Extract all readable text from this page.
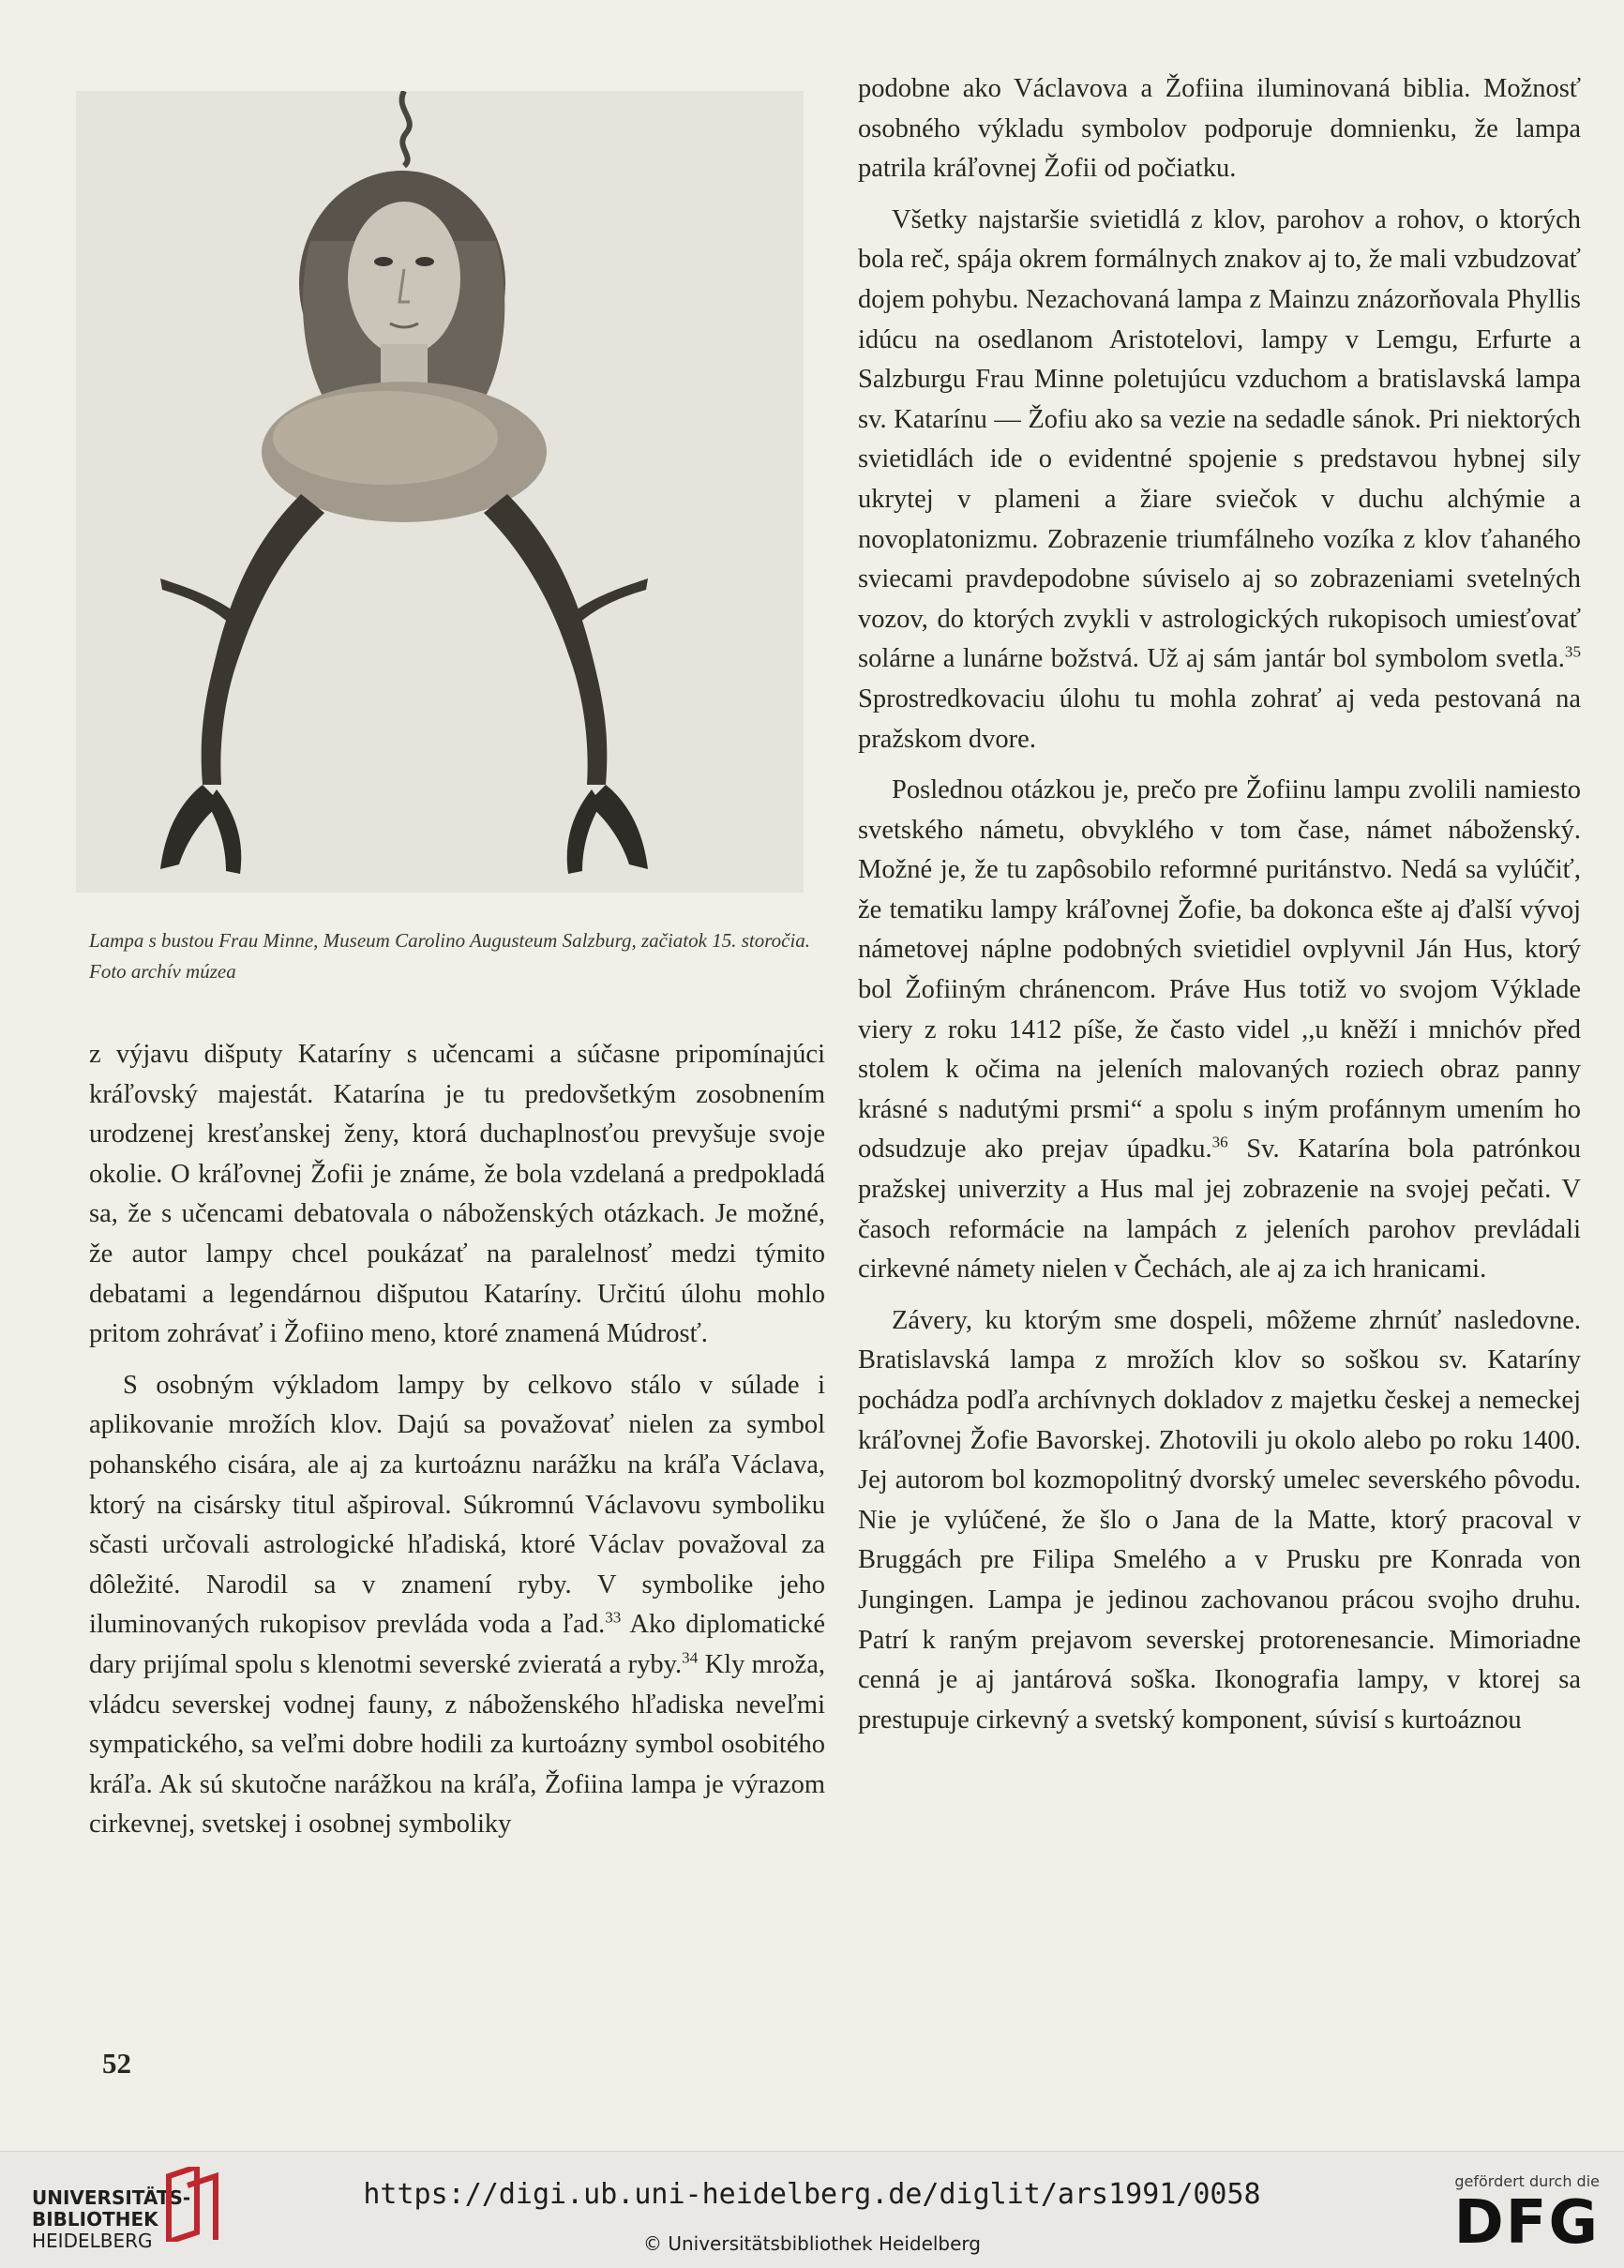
Lampa s bustou Frau Minne, Museum Carolino Augusteum Salzburg, začiatok 15. storočia. Foto archív múzea

z výjavu dišputy Kataríny s učencami a súčasne pripomínajúci kráľovský majestát. Katarína je tu predovšetkým zosobnením urodzenej kresťanskej ženy, ktorá duchaplnosťou prevyšuje svoje okolie. O kráľovnej Žofii je známe, že bola vzdelaná a predpokladá sa, že s učencami debatovala o náboženských otázkach. Je možné, že autor lampy chcel poukázať na paralelnosť medzi týmito debatami a legendárnou dišputou Kataríny. Určitú úlohu mohlo pritom zohrávať i Žofiino meno, ktoré znamená Múdrosť.

S osobným výkladom lampy by celkovo stálo v súlade i aplikovanie mrožích klov. Dajú sa považovať nielen za symbol pohanského cisára, ale aj za kurtoáznu narážku na kráľa Václava, ktorý na cisársky titul ašpiroval. Súkromnú Václavovu symboliku sčasti určovali astrologické hľadiská, ktoré Václav považoval za dôležité. Narodil sa v znamení ryby. V symbolike jeho iluminovaných rukopisov prevláda voda a ľad.$^{33}$ Ako diplomatické dary prijímal spolu s klenotmi severské zvieratá a ryby.$^{34}$ Kly mroža, vládcu severskej vodnej fauny, z náboženského hľadiska neveľmi sympatického, sa veľmi dobre hodili za kurtoázny symbol osobitého kráľa. Ak sú skutočne narážkou na kráľa, Žofiina lampa je výrazom cirkevnej, svetskej i osobnej symboliky

podobne ako Václavova a Žofiina iluminovaná biblia. Možnosť osobného výkladu symbolov podporuje domnienku, že lampa patrila kráľovnej Žofii od počiatku.

Všetky najstaršie svietidlá z klov, parohov a rohov, o ktorých bola reč, spája okrem formálnych znakov aj to, že mali vzbudzovať dojem pohybu. Nezachovaná lampa z Mainzu znázorňovala Phyllis idúcu na osedlanom Aristotelovi, lampy v Lemgu, Erfurte a Salzburgu Frau Minne poletujúcu vzduchom a bratislavská lampa sv. Katarínu — Žofiu ako sa vezie na sedadle sánok. Pri niektorých svietidlách ide o evidentné spojenie s predstavou hybnej sily ukrytej v plameni a žiare sviečok v duchu alchýmie a novoplatonizmu. Zobrazenie triumfálneho vozíka z klov ťahaného sviecami pravdepodobne súviselo aj so zobrazeniami svetelných vozov, do ktorých zvykli v astrologických rukopisoch umiesťovať solárne a lunárne božstvá. Už aj sám jantár bol symbolom svetla.$^{35}$ Sprostredkovaciu úlohu tu mohla zohrať aj veda pestovaná na pražskom dvore.

Poslednou otázkou je, prečo pre Žofiinu lampu zvolili namiesto svetského námetu, obvyklého v tom čase, námet náboženský. Možné je, že tu zapôsobilo reformné puritánstvo. Nedá sa vylúčiť, že tematiku lampy kráľovnej Žofie, ba dokonca ešte aj ďalší vývoj námetovej náplne podobných svietidiel ovplyvnil Ján Hus, ktorý bol Žofiiným chránencom. Práve Hus totiž vo svojom Výklade viery z roku 1412 píše, že často videl ,,u kněží i mnichóv před stolem k očima na jeleních malovaných roziech obraz panny krásné s nadutými prsmi“ a spolu s iným profánnym umením ho odsudzuje ako prejav úpadku.$^{36}$ Sv. Katarína bola patrónkou pražskej univerzity a Hus mal jej zobrazenie na svojej pečati. V časoch reformácie na lampách z jeleních parohov prevládali cirkevné námety nielen v Čechách, ale aj za ich hranicami.

Závery, ku ktorým sme dospeli, môžeme zhrnúť nasledovne. Bratislavská lampa z mrožích klov so soškou sv. Kataríny pochádza podľa archívnych dokladov z majetku českej a nemeckej kráľovnej Žofie Bavorskej. Zhotovili ju okolo alebo po roku 1400. Jej autorom bol kozmopolitný dvorský umelec severského pôvodu. Nie je vylúčené, že šlo o Jana de la Matte, ktorý pracoval v Bruggách pre Filipa Smelého a v Prusku pre Konrada von Jungingen. Lampa je jedinou zachovanou prácou svojho druhu. Patrí k raným prejavom severskej protorenesancie. Mimoriadne cenná je aj jantárová soška. Ikonografia lampy, v ktorej sa prestupuje cirkevný a svetský komponent, súvisí s kurtoáznou

52
UNIVERSITÄTS-
BIBLIOTHEK
HEIDELBERG
https://digi.ub.uni-heidelberg.de/diglit/ars1991/0058
© Universitätsbibliothek Heidelberg
gefördert durch die
DFG
